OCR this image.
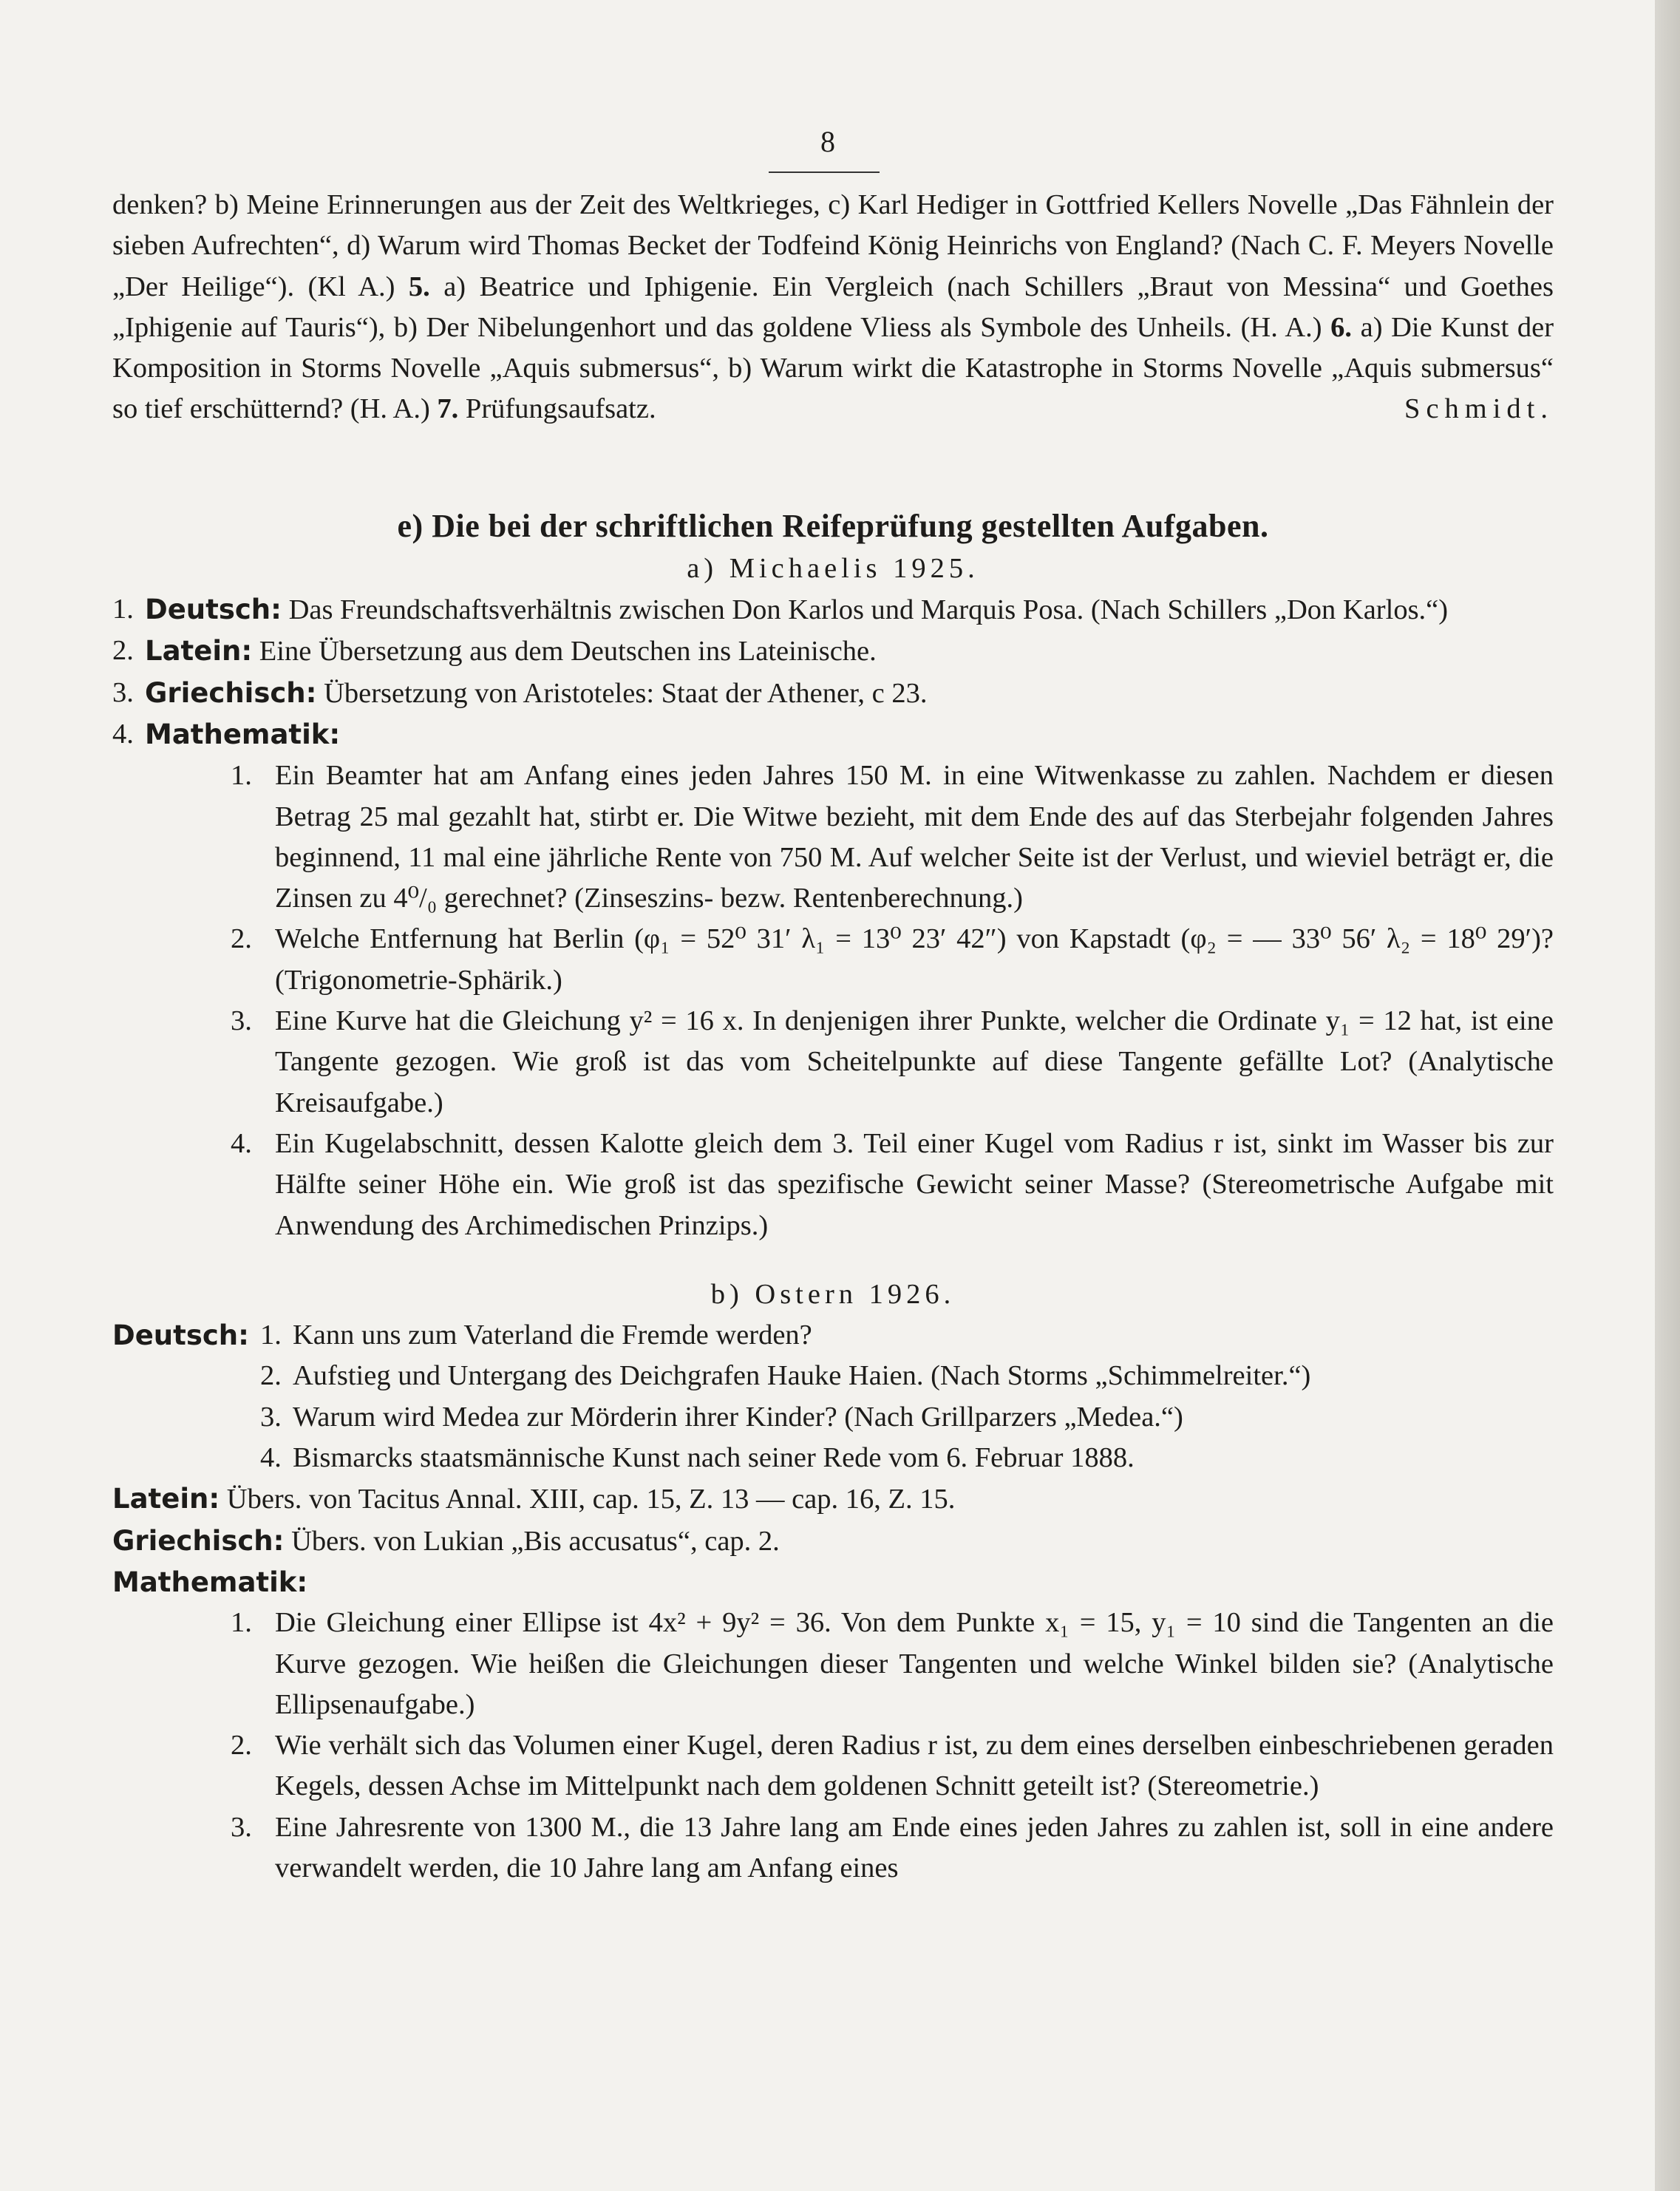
8

denken? b) Meine Erinnerungen aus der Zeit des Weltkrieges, c) Karl Hediger in Gottfried Kellers Novelle „Das Fähnlein der sieben Aufrechten“, d) Warum wird Thomas Becket der Todfeind König Heinrichs von England? (Nach C. F. Meyers Novelle „Der Heilige“). (Kl A.) 5. a) Beatrice und Iphigenie. Ein Vergleich (nach Schillers „Braut von Messina“ und Goethes „Iphigenie auf Tauris“), b) Der Nibelungenhort und das goldene Vliess als Symbole des Unheils. (H. A.) 6. a) Die Kunst der Komposition in Storms Novelle „Aquis submersus“, b) Warum wirkt die Katastrophe in Storms Novelle „Aquis submersus“ so tief erschütternd? (H. A.) 7. Prüfungsaufsatz.	Schmidt.

e) Die bei der schriftlichen Reifeprüfung gestellten Aufgaben.

a) Michaelis 1925.

1. Deutsch: Das Freundschaftsverhältnis zwischen Don Karlos und Marquis Posa. (Nach Schillers „Don Karlos.“)
2. Latein: Eine Übersetzung aus dem Deutschen ins Lateinische.
3. Griechisch: Übersetzung von Aristoteles: Staat der Athener, c 23.
4. Mathematik:
1. Ein Beamter hat am Anfang eines jeden Jahres 150 M. in eine Witwenkasse zu zahlen. Nachdem er diesen Betrag 25 mal gezahlt hat, stirbt er. Die Witwe bezieht, mit dem Ende des auf das Sterbejahr folgenden Jahres beginnend, 11 mal eine jährliche Rente von 750 M. Auf welcher Seite ist der Verlust, und wieviel beträgt er, die Zinsen zu 4⁰/₀ gerechnet? (Zinseszins- bezw. Rentenberechnung.)
2. Welche Entfernung hat Berlin (φ₁ = 52⁰ 31′ λ₁ = 13⁰ 23′ 42″) von Kapstadt (φ₂ = — 33⁰ 56′ λ₂ = 18⁰ 29′)? (Trigonometrie-Sphärik.)
3. Eine Kurve hat die Gleichung y² = 16 x. In denjenigen ihrer Punkte, welcher die Ordinate y₁ = 12 hat, ist eine Tangente gezogen. Wie groß ist das vom Scheitelpunkte auf diese Tangente gefällte Lot? (Analytische Kreisaufgabe.)
4. Ein Kugelabschnitt, dessen Kalotte gleich dem 3. Teil einer Kugel vom Radius r ist, sinkt im Wasser bis zur Hälfte seiner Höhe ein. Wie groß ist das spezifische Gewicht seiner Masse? (Stereometrische Aufgabe mit Anwendung des Archimedischen Prinzips.)

b) Ostern 1926.

Deutsch: 1. Kann uns zum Vaterland die Fremde werden?
2. Aufstieg und Untergang des Deichgrafen Hauke Haien. (Nach Storms „Schimmelreiter.“)
3. Warum wird Medea zur Mörderin ihrer Kinder? (Nach Grillparzers „Medea.“)
4. Bismarcks staatsmännische Kunst nach seiner Rede vom 6. Februar 1888.
Latein: Übers. von Tacitus Annal. XIII, cap. 15, Z. 13 — cap. 16, Z. 15.
Griechisch: Übers. von Lukian „Bis accusatus“, cap. 2.
Mathematik:
1. Die Gleichung einer Ellipse ist 4x² + 9y² = 36. Von dem Punkte x₁ = 15, y₁ = 10 sind die Tangenten an die Kurve gezogen. Wie heißen die Gleichungen dieser Tangenten und welche Winkel bilden sie? (Analytische Ellipsenaufgabe.)
2. Wie verhält sich das Volumen einer Kugel, deren Radius r ist, zu dem eines derselben einbeschriebenen geraden Kegels, dessen Achse im Mittelpunkt nach dem goldenen Schnitt geteilt ist? (Stereometrie.)
3. Eine Jahresrente von 1300 M., die 13 Jahre lang am Ende eines jeden Jahres zu zahlen ist, soll in eine andere verwandelt werden, die 10 Jahre lang am Anfang eines
